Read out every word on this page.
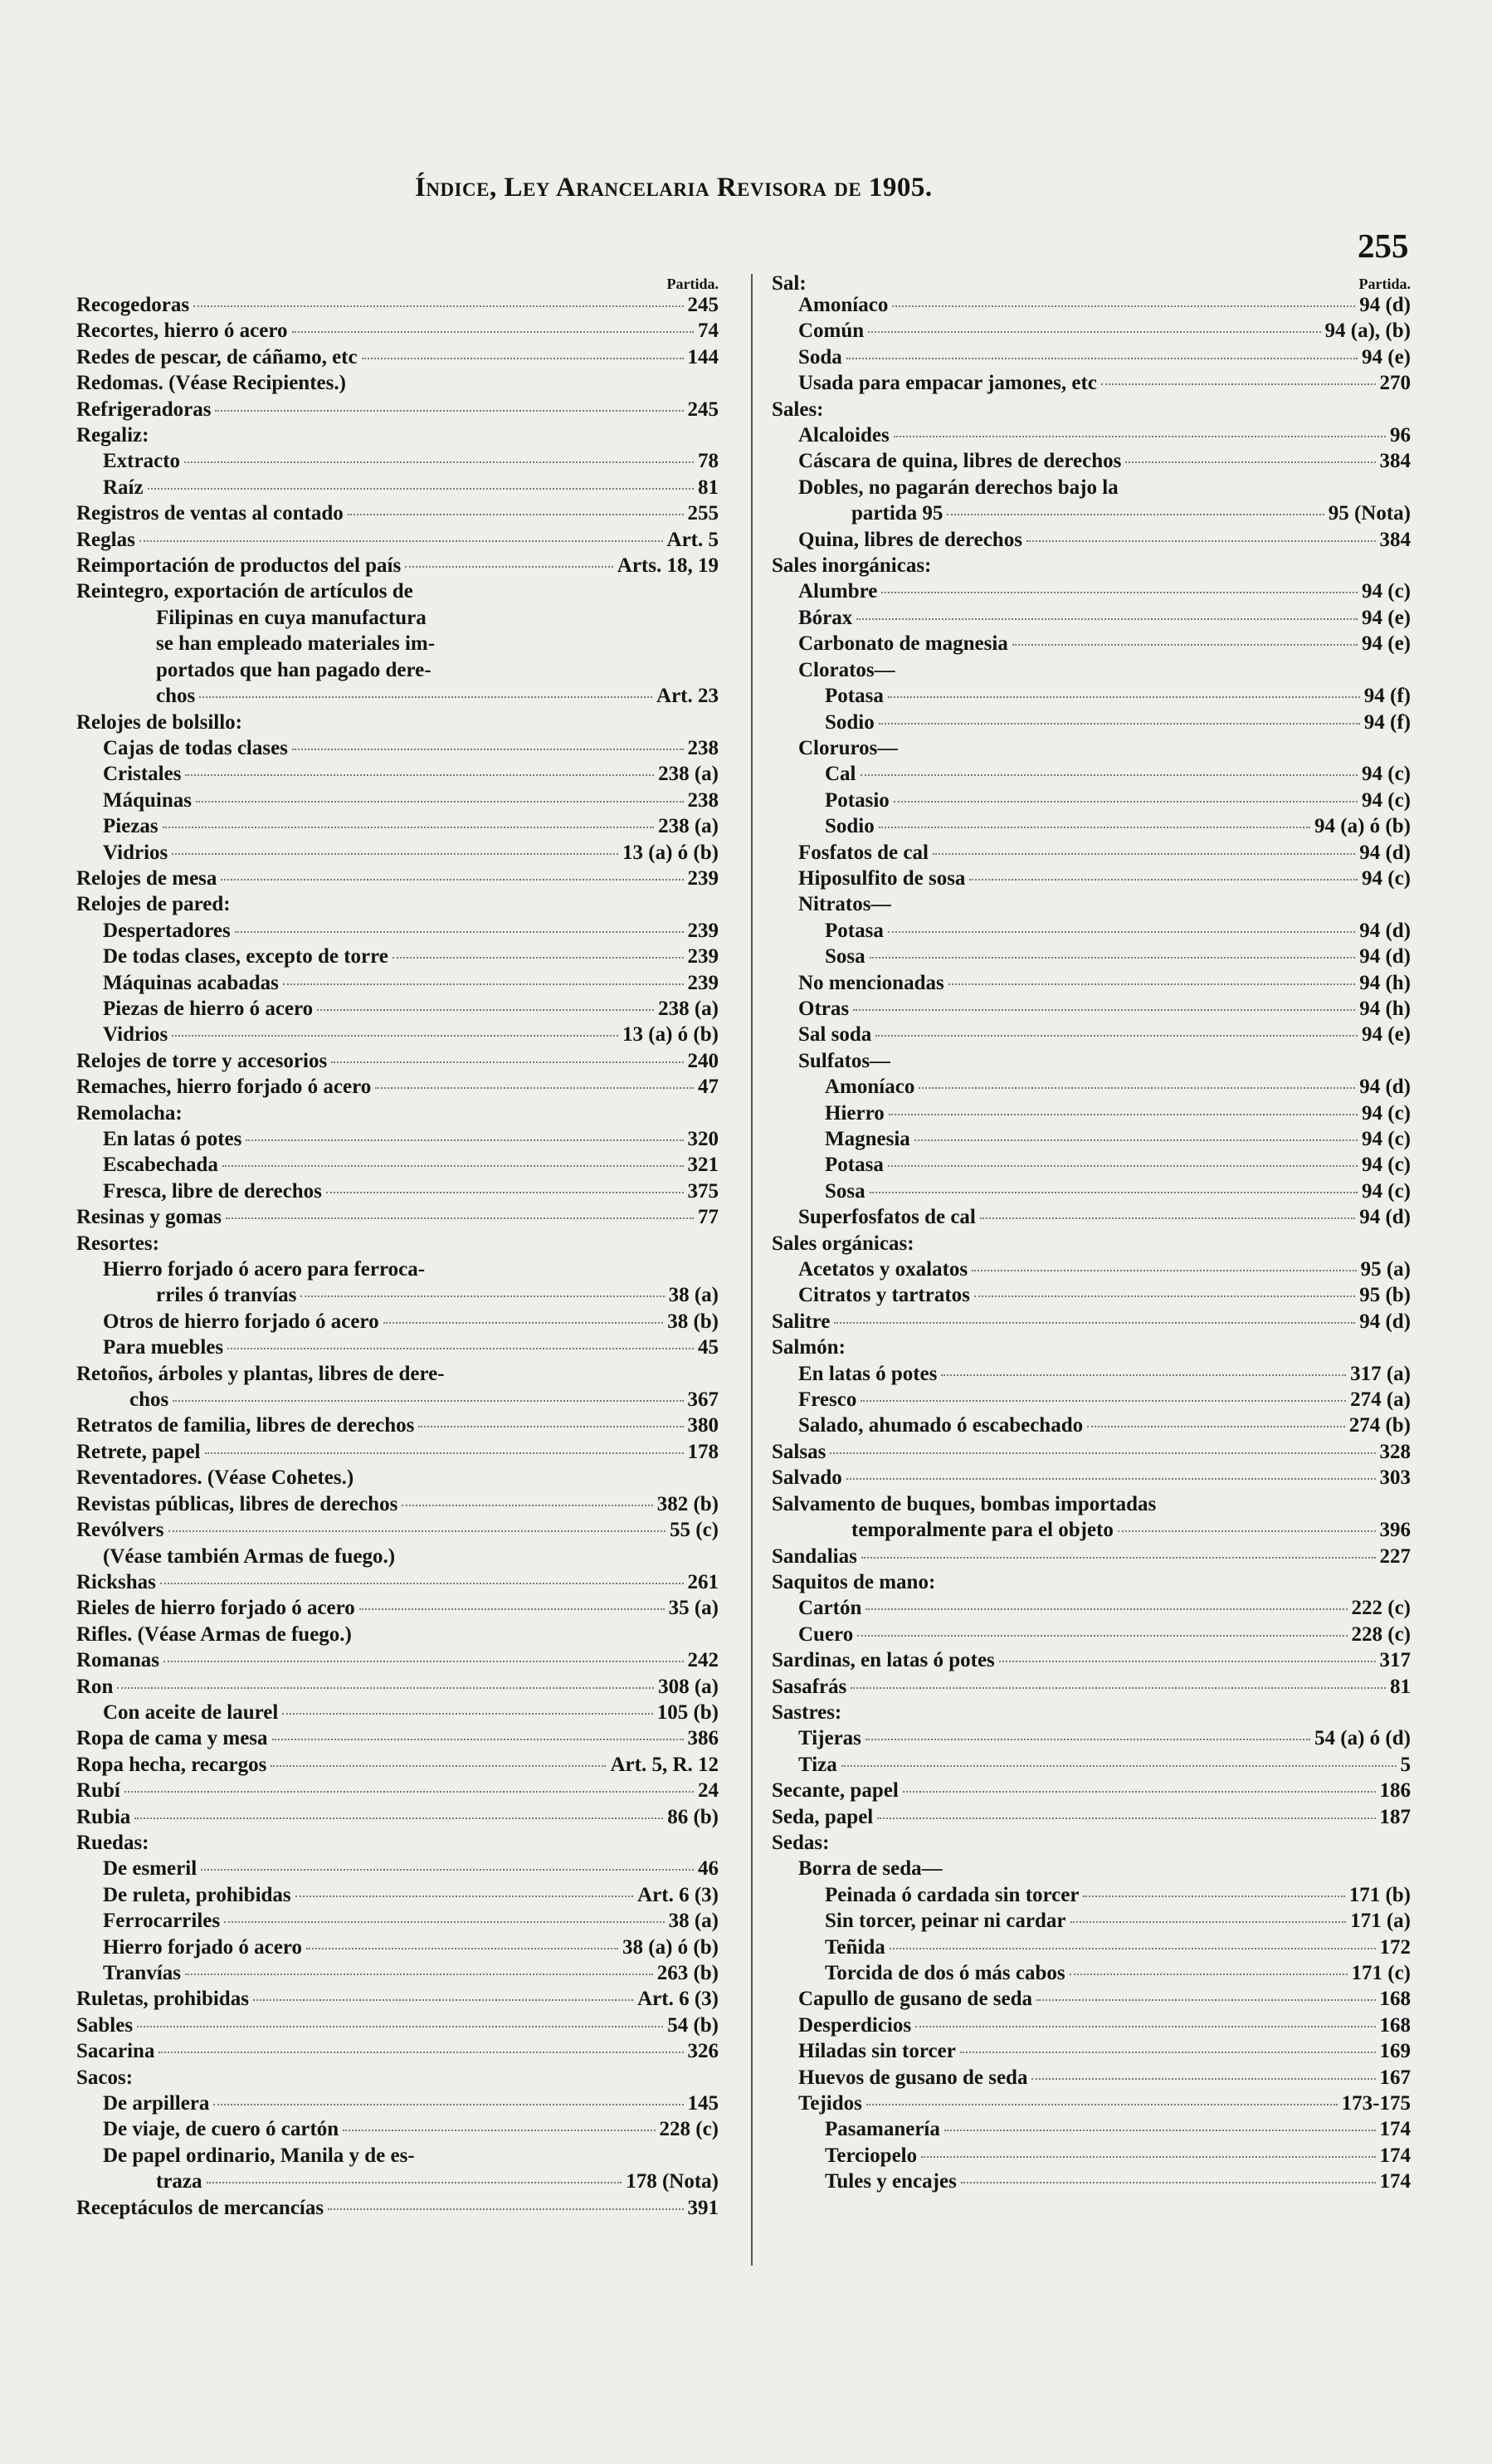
Índice, Ley Arancelaria Revisora de 1905.
255
Partida.
Recogedoras	245
Recortes, hierro ó acero	74
Redes de pescar, de cáñamo, etc	144
Redomas. (Véase Recipientes.)
Refrigeradoras	245
Regaliz:
Extracto	78
Raíz	81
Registros de ventas al contado	255
Reglas	Art. 5
Reimportación de productos del país	Arts. 18, 19
Reintegro, exportación de artículos de
Filipinas en cuya manufactura
se han empleado materiales im-
portados que han pagado dere-
chos	Art. 23
Relojes de bolsillo:
Cajas de todas clases	238
Cristales	238 (a)
Máquinas	238
Piezas	238 (a)
Vidrios	13 (a) ó (b)
Relojes de mesa	239
Relojes de pared:
Despertadores	239
De todas clases, excepto de torre	239
Máquinas acabadas	239
Piezas de hierro ó acero	238 (a)
Vidrios	13 (a) ó (b)
Relojes de torre y accesorios	240
Remaches, hierro forjado ó acero	47
Remolacha:
En latas ó potes	320
Escabechada	321
Fresca, libre de derechos	375
Resinas y gomas	77
Resortes:
Hierro forjado ó acero para ferroca-
rriles ó tranvías	38 (a)
Otros de hierro forjado ó acero	38 (b)
Para muebles	45
Retoños, árboles y plantas, libres de dere-
chos	367
Retratos de familia, libres de derechos	380
Retrete, papel	178
Reventadores. (Véase Cohetes.)
Revistas públicas, libres de derechos	382 (b)
Revólvers	55 (c)
(Véase también Armas de fuego.)
Rickshas	261
Rieles de hierro forjado ó acero	35 (a)
Rifles. (Véase Armas de fuego.)
Romanas	242
Ron	308 (a)
Con aceite de laurel	105 (b)
Ropa de cama y mesa	386
Ropa hecha, recargos	Art. 5, R. 12
Rubí	24
Rubia	86 (b)
Ruedas:
De esmeril	46
De ruleta, prohibidas	Art. 6 (3)
Ferrocarriles	38 (a)
Hierro forjado ó acero	38 (a) ó (b)
Tranvías	263 (b)
Ruletas, prohibidas	Art. 6 (3)
Sables	54 (b)
Sacarina	326
Sacos:
De arpillera	145
De viaje, de cuero ó cartón	228 (c)
De papel ordinario, Manila y de es-
traza	178 (Nota)
Receptáculos de mercancías	391
Sal:	Partida.
Amoníaco	94 (d)
Común	94 (a), (b)
Soda	94 (e)
Usada para empacar jamones, etc	270
Sales:
Alcaloides	96
Cáscara de quina, libres de derechos	384
Dobles, no pagarán derechos bajo la
partida 95	95 (Nota)
Quina, libres de derechos	384
Sales inorgánicas:
Alumbre	94 (c)
Bórax	94 (e)
Carbonato de magnesia	94 (e)
Cloratos—
Potasa	94 (f)
Sodio	94 (f)
Cloruros—
Cal	94 (c)
Potasio	94 (c)
Sodio	94 (a) ó (b)
Fosfatos de cal	94 (d)
Hiposulfito de sosa	94 (c)
Nitratos—
Potasa	94 (d)
Sosa	94 (d)
No mencionadas	94 (h)
Otras	94 (h)
Sal soda	94 (e)
Sulfatos—
Amoníaco	94 (d)
Hierro	94 (c)
Magnesia	94 (c)
Potasa	94 (c)
Sosa	94 (c)
Superfosfatos de cal	94 (d)
Sales orgánicas:
Acetatos y oxalatos	95 (a)
Citratos y tartratos	95 (b)
Salitre	94 (d)
Salmón:
En latas ó potes	317 (a)
Fresco	274 (a)
Salado, ahumado ó escabechado	274 (b)
Salsas	328
Salvado	303
Salvamento de buques, bombas importadas
temporalmente para el objeto	396
Sandalias	227
Saquitos de mano:
Cartón	222 (c)
Cuero	228 (c)
Sardinas, en latas ó potes	317
Sasafrás	81
Sastres:
Tijeras	54 (a) ó (d)
Tiza	5
Secante, papel	186
Seda, papel	187
Sedas:
Borra de seda—
Peinada ó cardada sin torcer	171 (b)
Sin torcer, peinar ni cardar	171 (a)
Teñida	172
Torcida de dos ó más cabos	171 (c)
Capullo de gusano de seda	168
Desperdicios	168
Hiladas sin torcer	169
Huevos de gusano de seda	167
Tejidos	173-175
Pasamanería	174
Terciopelo	174
Tules y encajes	174
